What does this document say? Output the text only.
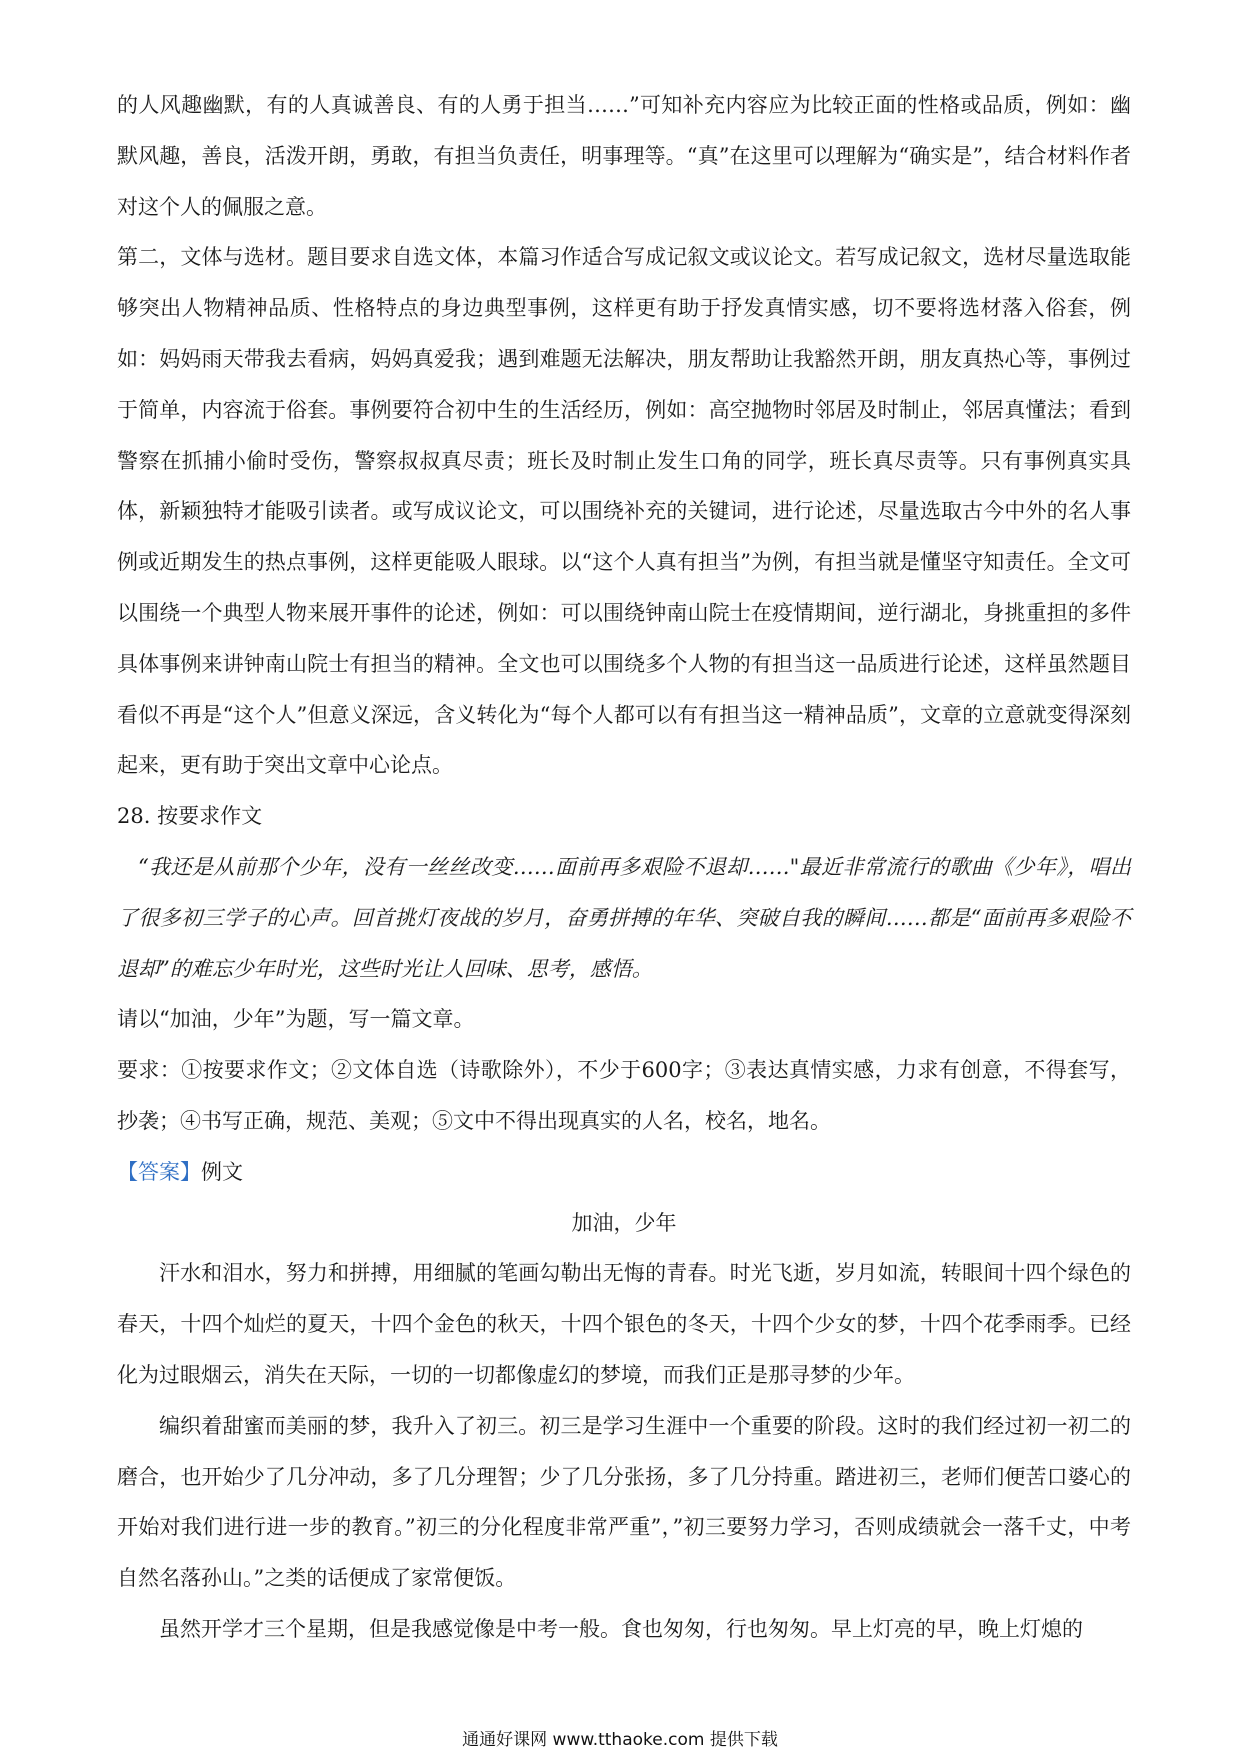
的人风趣幽默，有的人真诚善良、有的人勇于担当……”可知补充内容应为比较正面的性格或品质，例如：幽默风趣，善良，活泼开朗，勇敢，有担当负责任，明事理等。“真”在这里可以理解为“确实是”，结合材料作者对这个人的佩服之意。

第二，文体与选材。题目要求自选文体，本篇习作适合写成记叙文或议论文。若写成记叙文，选材尽量选取能够突出人物精神品质、性格特点的身边典型事例，这样更有助于抒发真情实感，切不要将选材落入俗套，例如：妈妈雨天带我去看病，妈妈真爱我；遇到难题无法解决，朋友帮助让我豁然开朗，朋友真热心等，事例过于简单，内容流于俗套。事例要符合初中生的生活经历，例如：高空抛物时邻居及时制止，邻居真懂法；看到警察在抓捕小偷时受伤，警察叔叔真尽责；班长及时制止发生口角的同学，班长真尽责等。只有事例真实具体，新颖独特才能吸引读者。或写成议论文，可以围绕补充的关键词，进行论述，尽量选取古今中外的名人事例或近期发生的热点事例，这样更能吸人眼球。以“这个人真有担当”为例，有担当就是懂坚守知责任。全文可以围绕一个典型人物来展开事件的论述，例如：可以围绕钟南山院士在疫情期间，逆行湖北，身挑重担的多件具体事例来讲钟南山院士有担当的精神。全文也可以围绕多个人物的有担当这一品质进行论述，这样虽然题目看似不再是“这个人”但意义深远，含义转化为“每个人都可以有有担当这一精神品质”，文章的立意就变得深刻起来，更有助于突出文章中心论点。

28. 按要求作文

“我还是从前那个少年，没有一丝丝改变……面前再多艰险不退却……"最近非常流行的歌曲《少年》，唱出了很多初三学子的心声。回首挑灯夜战的岁月，奋勇拼搏的年华、突破自我的瞬间……都是“面前再多艰险不退却”的难忘少年时光，这些时光让人回味、思考，感悟。

请以“加油，少年”为题，写一篇文章。

要求：①按要求作文；②文体自选（诗歌除外），不少于600字；③表达真情实感，力求有创意，不得套写，抄袭；④书写正确，规范、美观；⑤文中不得出现真实的人名，校名，地名。

【答案】例文

加油，少年

汗水和泪水，努力和拼搏，用细腻的笔画勾勒出无悔的青春。时光飞逝，岁月如流，转眼间十四个绿色的春天，十四个灿烂的夏天，十四个金色的秋天，十四个银色的冬天，十四个少女的梦，十四个花季雨季。已经化为过眼烟云，消失在天际，一切的一切都像虚幻的梦境，而我们正是那寻梦的少年。

编织着甜蜜而美丽的梦，我升入了初三。初三是学习生涯中一个重要的阶段。这时的我们经过初一初二的磨合，也开始少了几分冲动，多了几分理智；少了几分张扬，多了几分持重。踏进初三，老师们便苦口婆心的开始对我们进行进一步的教育。”初三的分化程度非常严重”，”初三要努力学习，否则成绩就会一落千丈，中考自然名落孙山。”之类的话便成了家常便饭。

虽然开学才三个星期，但是我感觉像是中考一般。食也匆匆，行也匆匆。早上灯亮的早，晚上灯熄的

通通好课网 www.tthaoke.com 提供下载
